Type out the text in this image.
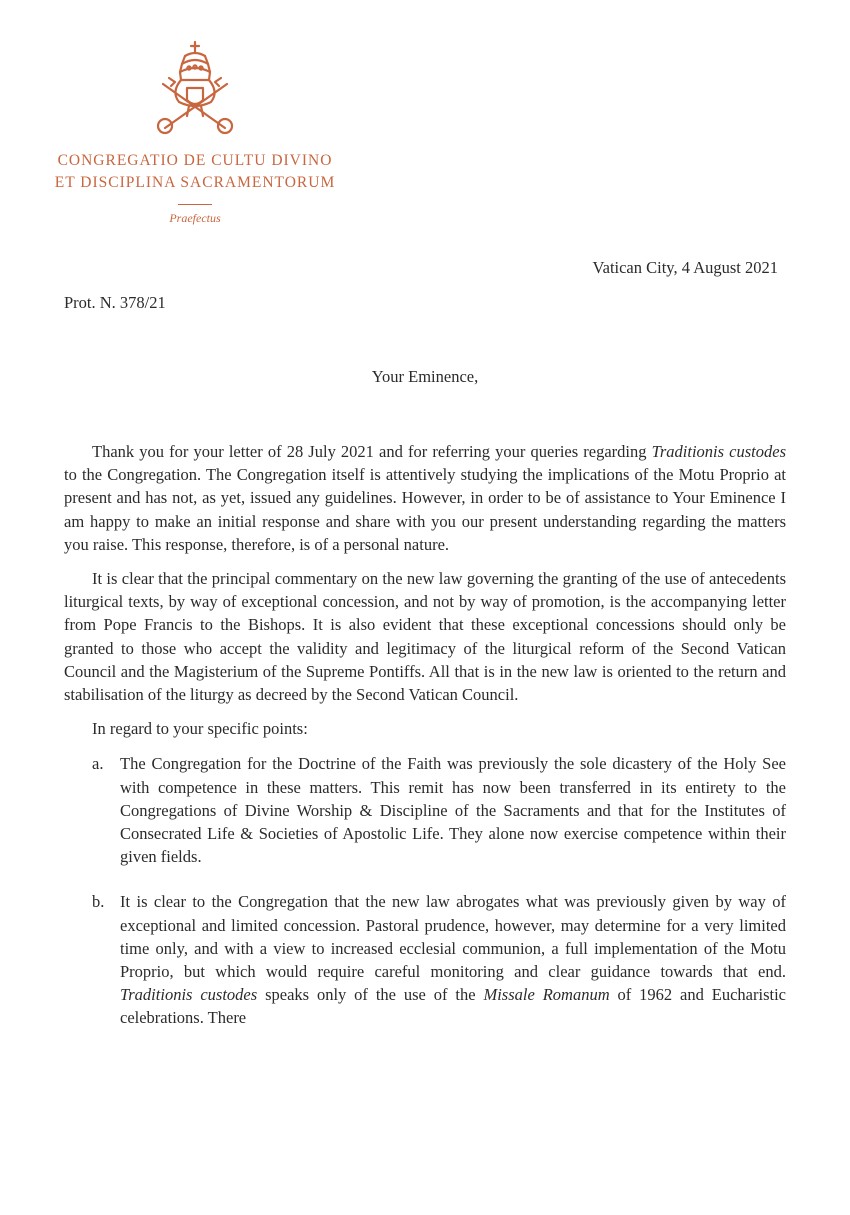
CONGREGATIO DE CULTU DIVINO
ET DISCIPLINA SACRAMENTORUM
Praefectus
Vatican City, 4 August 2021
Prot. N. 378/21
Your Eminence,

Thank you for your letter of 28 July 2021 and for referring your queries regarding Traditionis custodes to the Congregation. The Congregation itself is attentively studying the implications of the Motu Proprio at present and has not, as yet, issued any guidelines. However, in order to be of assistance to Your Eminence I am happy to make an initial response and share with you our present understanding regarding the matters you raise. This response, therefore, is of a personal nature.

It is clear that the principal commentary on the new law governing the granting of the use of antecedents liturgical texts, by way of exceptional concession, and not by way of promotion, is the accompanying letter from Pope Francis to the Bishops. It is also evident that these exceptional concessions should only be granted to those who accept the validity and legitimacy of the liturgical reform of the Second Vatican Council and the Magisterium of the Supreme Pontiffs. All that is in the new law is oriented to the return and stabilisation of the liturgy as decreed by the Second Vatican Council.

In regard to your specific points:

a.	The Congregation for the Doctrine of the Faith was previously the sole dicastery of the Holy See with competence in these matters. This remit has now been transferred in its entirety to the Congregations of Divine Worship & Discipline of the Sacraments and that for the Institutes of Consecrated Life & Societies of Apostolic Life. They alone now exercise competence within their given fields.
b. It is clear to the Congregation that the new law abrogates what was previously given by way of exceptional and limited concession. Pastoral prudence, however, may determine for a very limited time only, and with a view to increased ecclesial communion, a full implementation of the Motu Proprio, but which would require careful monitoring and clear guidance towards that end. Traditionis custodes speaks only of the use of the Missale Romanum of 1962 and Eucharistic celebrations. There
